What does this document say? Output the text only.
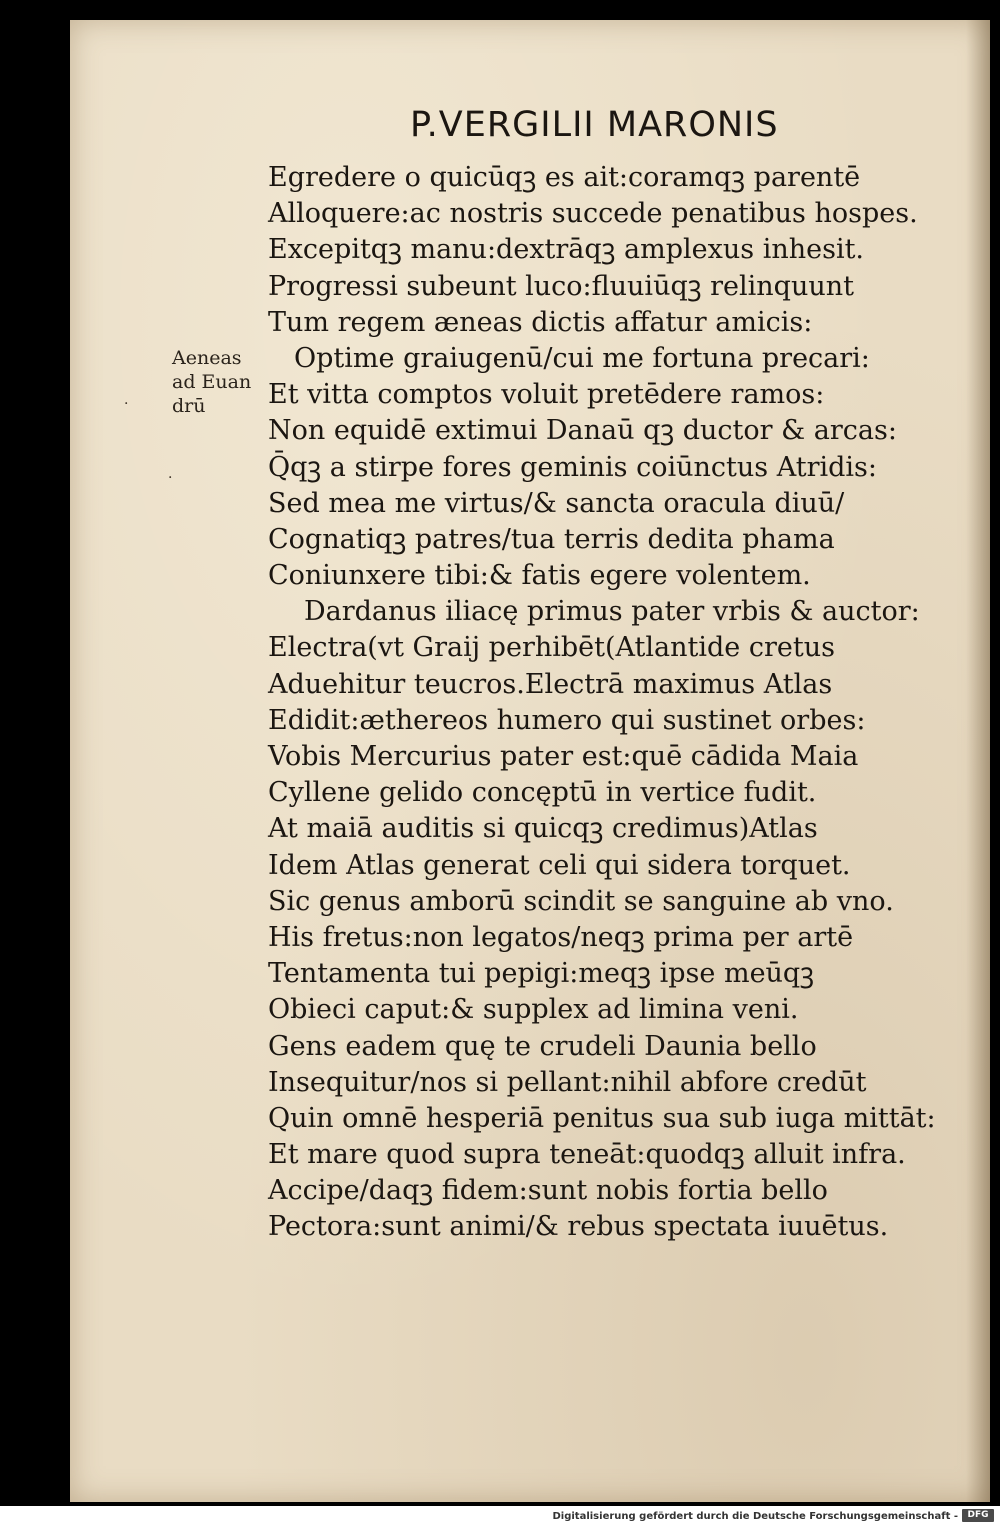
P.VERGILII MARONIS
Aeneas
ad Euan
drū
·
·
Egredere o quicūqꝫ es ait:coramqꝫ parentē
Alloquere:ac nostris succede penatibus hospes.
Excepitqꝫ manu:dextrāqꝫ amplexus inhesit.
Progressi subeunt luco:fluuiūqꝫ relinquunt
Tum regem æneas dictis affatur amicis:
Optime graiugenū/cui me fortuna precari:
Et vitta comptos voluit pretēdere ramos:
Non equidē extimui Danaū qꝫ ductor & arcas:
Q̄qꝫ a stirpe fores geminis coiūnctus Atridis:
Sed mea me virtus/& sancta oracula diuū/
Cognatiqꝫ patres/tua terris dedita phama
Coniunxere tibi:& fatis egere volentem.
Dardanus iliacę primus pater vrbis & auctor:
Electra(vt Graij perhibēt(Atlantide cretus
Aduehitur teucros.Electrā maximus Atlas
Edidit:æthereos humero qui sustinet orbes:
Vobis Mercurius pater est:quē cādida Maia
Cyllene gelido concęptū in vertice fudit.
At maiā auditis si quicqꝫ credimus)Atlas
Idem Atlas generat celi qui sidera torquet.
Sic genus amborū scindit se sanguine ab vno.
His fretus:non legatos/neqꝫ prima per artē
Tentamenta tui pepigi:meqꝫ ipse meūqꝫ
Obieci caput:& supplex ad limina veni.
Gens eadem quę te crudeli Daunia bello
Insequitur/nos si pellant:nihil abfore credūt
Quin omnē hesperiā penitus sua sub iuga mittāt:
Et mare quod supra teneāt:quodqꝫ alluit infra.
Accipe/daqꝫ fidem:sunt nobis fortia bello
Pectora:sunt animi/& rebus spectata iuuētus.
Digitalisierung gefördert durch die Deutsche Forschungsgemeinschaft -	DFG
